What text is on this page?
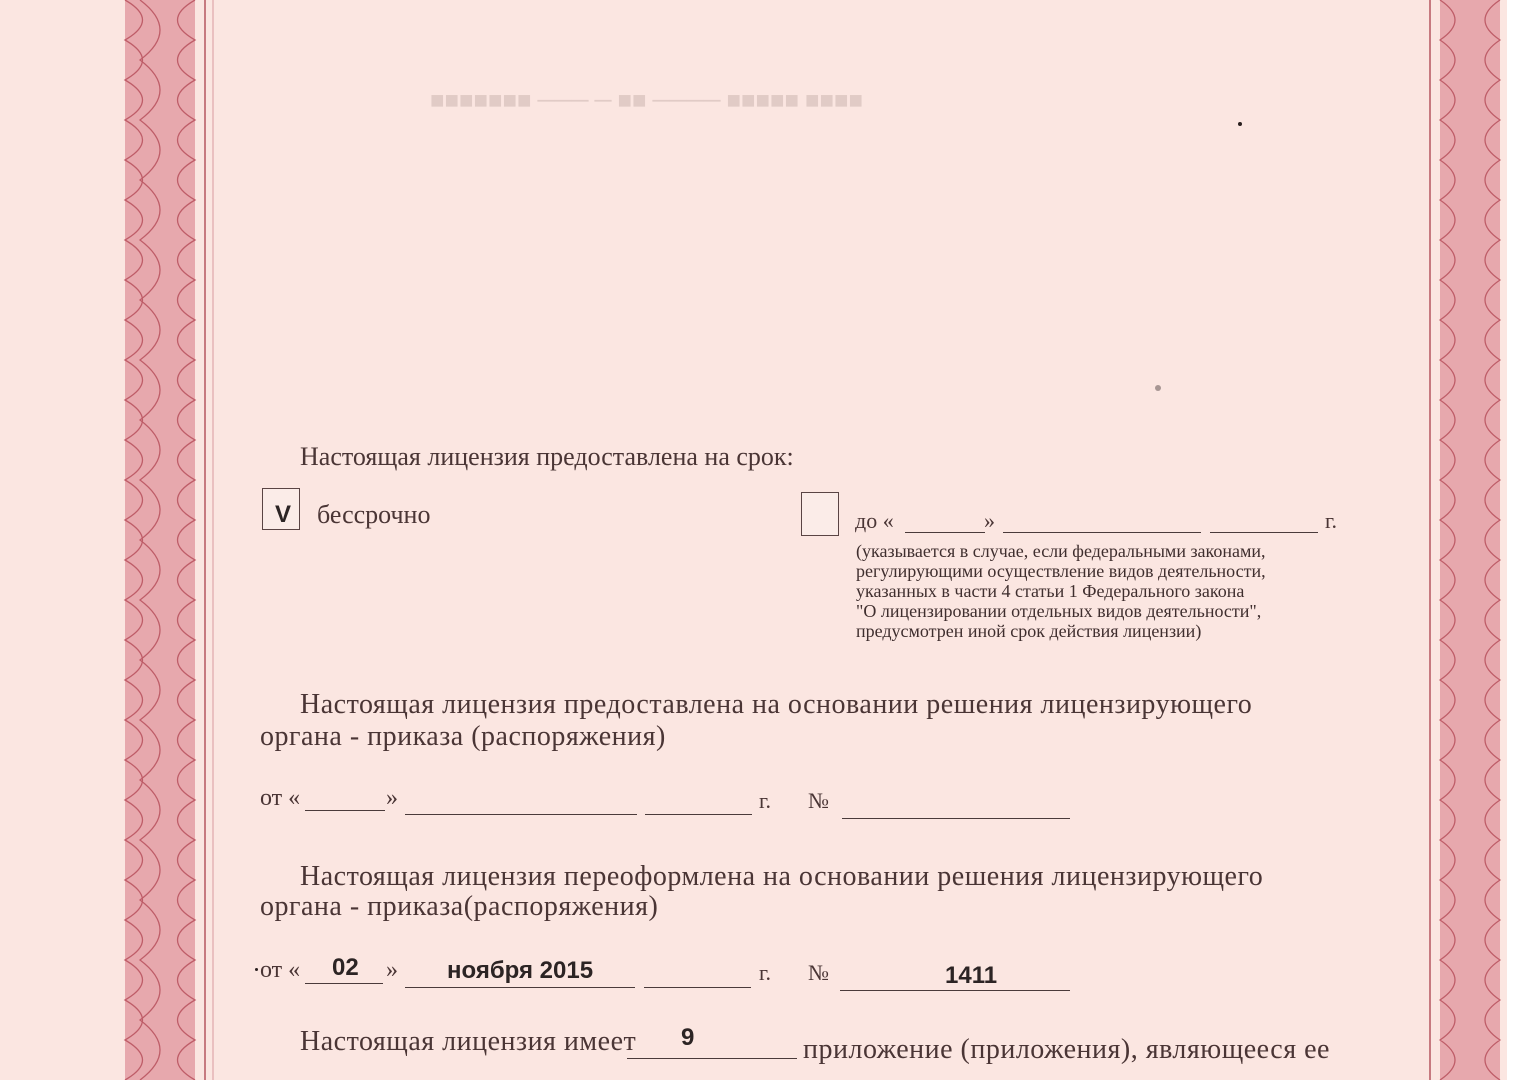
■■■■■■■ ─── ─ ■■ ──── ■■■■■ ■■■■
Настоящая лицензия предоставлена на срок:
V бессрочно	до «	»	г.
(указывается в случае, если федеральными законами,
регулирующими осуществление видов деятельности,
указанных в части 4 статьи 1 Федерального закона
"О лицензировании отдельных видов деятельности",
предусмотрен иной срок действия лицензии)
Настоящая лицензия предоставлена на основании решения лицензирующего
органа - приказа (распоряжения)
от «	»	г. №
Настоящая лицензия переоформлена на основании решения лицензирующего
органа - приказа(распоряжения)
от « 02 » ноября 2015	г. №	1411
Настоящая лицензия имеет 9	приложение (приложения), являющееся ее
